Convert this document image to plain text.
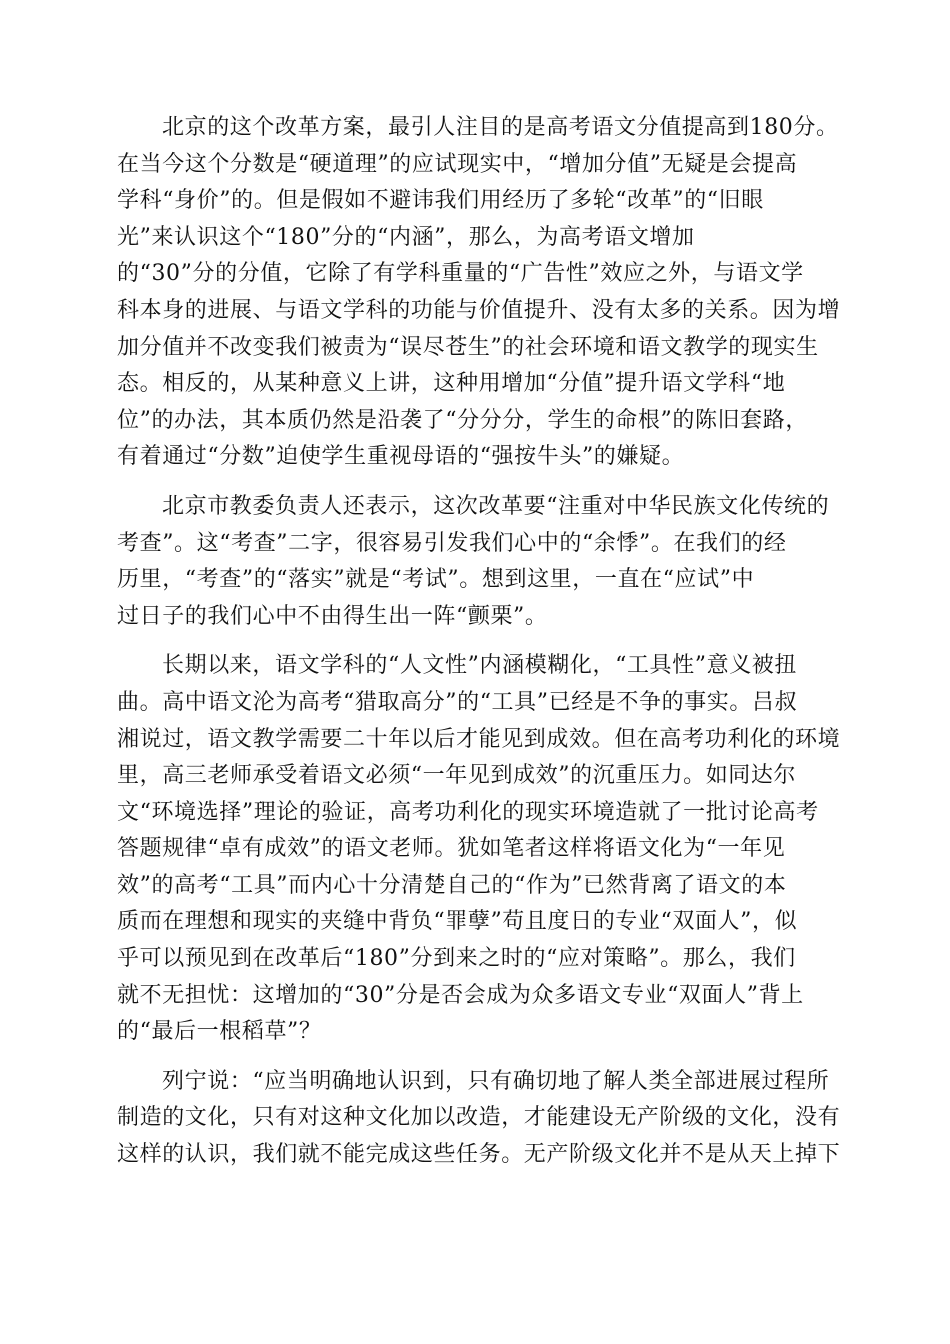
北京的这个改革方案，最引人注目的是高考语文分值提高到180分。
在当今这个分数是“硬道理”的应试现实中，“增加分值”无疑是会提高
学科“身价”的。但是假如不避讳我们用经历了多轮“改革”的“旧眼
光”来认识这个“180”分的“内涵”，那么，为高考语文增加
的“30”分的分值，它除了有学科重量的“广告性”效应之外，与语文学
科本身的进展、与语文学科的功能与价值提升、没有太多的关系。因为增
加分值并不改变我们被责为“误尽苍生”的社会环境和语文教学的现实生
态。相反的，从某种意义上讲，这种用增加“分值”提升语文学科“地
位”的办法，其本质仍然是沿袭了“分分分，学生的命根”的陈旧套路，
有着通过“分数”迫使学生重视母语的“强按牛头”的嫌疑。
北京市教委负责人还表示，这次改革要“注重对中华民族文化传统的
考查”。这“考查”二字，很容易引发我们心中的“余悸”。在我们的经
历里，“考查”的“落实”就是“考试”。想到这里，一直在“应试”中
过日子的我们心中不由得生出一阵“颤栗”。
长期以来，语文学科的“人文性”内涵模糊化，“工具性”意义被扭
曲。高中语文沦为高考“猎取高分”的“工具”已经是不争的事实。吕叔
湘说过，语文教学需要二十年以后才能见到成效。但在高考功利化的环境
里，高三老师承受着语文必须“一年见到成效”的沉重压力。如同达尔
文“环境选择”理论的验证，高考功利化的现实环境造就了一批讨论高考
答题规律“卓有成效”的语文老师。犹如笔者这样将语文化为“一年见
效”的高考“工具”而内心十分清楚自己的“作为”已然背离了语文的本
质而在理想和现实的夹缝中背负“罪孽”苟且度日的专业“双面人”，似
乎可以预见到在改革后“180”分到来之时的“应对策略”。那么，我们
就不无担忧：这增加的“30”分是否会成为众多语文专业“双面人”背上
的“最后一根稻草”？
列宁说：“应当明确地认识到，只有确切地了解人类全部进展过程所
制造的文化，只有对这种文化加以改造，才能建设无产阶级的文化，没有
这样的认识，我们就不能完成这些任务。无产阶级文化并不是从天上掉下
